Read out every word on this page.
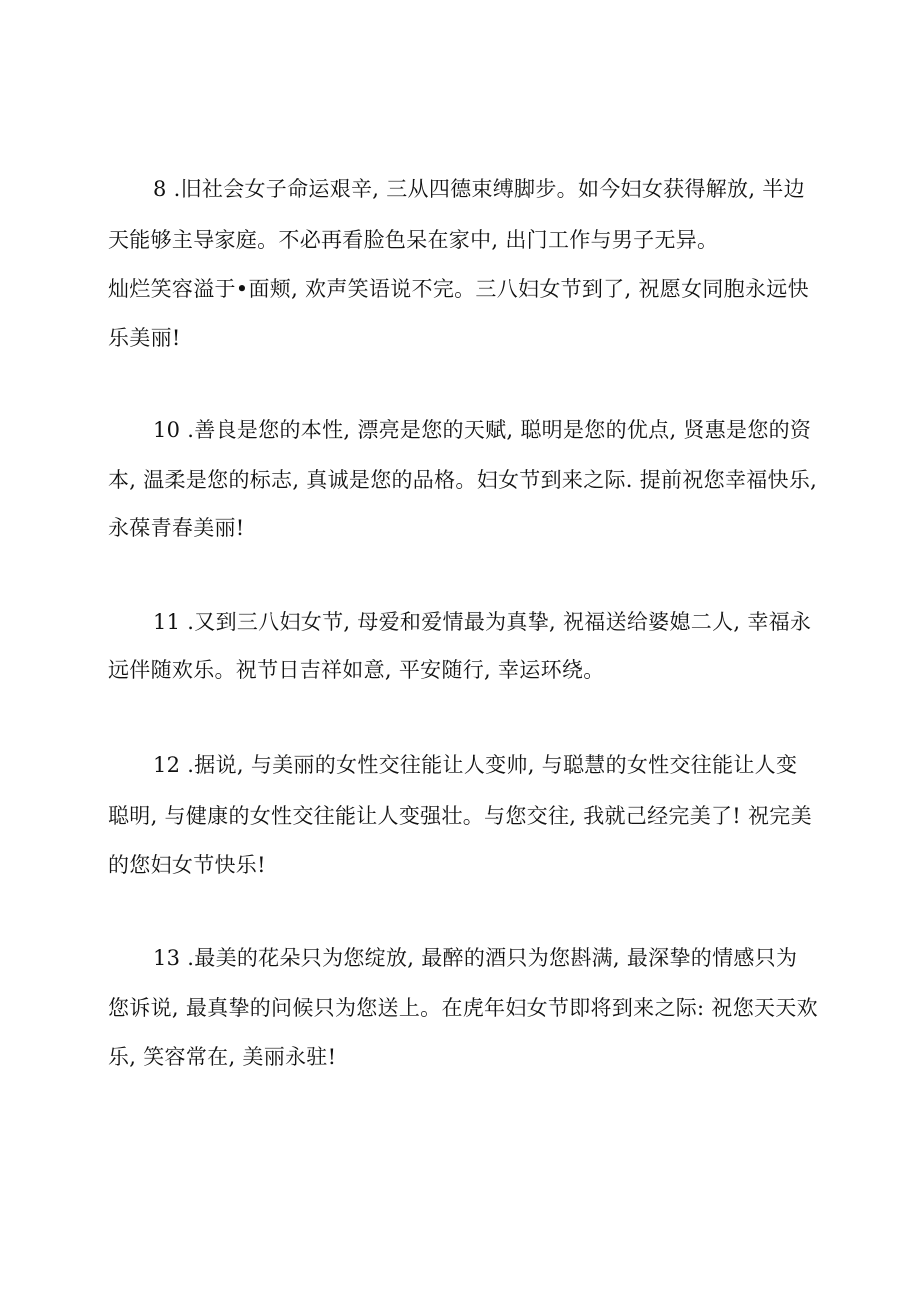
8 .旧社会女子命运艰辛, 三从四德束缚脚步。如今妇女获得解放, 半边
天能够主导家庭。不必再看脸色呆在家中, 出门工作与男子无异。
灿烂笑容溢于•面颊, 欢声笑语说不完。三八妇女节到了, 祝愿女同胞永远快
乐美丽!
10 .善良是您的本性, 漂亮是您的天赋, 聪明是您的优点, 贤惠是您的资
本, 温柔是您的标志, 真诚是您的品格。妇女节到来之际. 提前祝您幸福快乐,
永葆青春美丽!
11 .又到三八妇女节, 母爱和爱情最为真挚, 祝福送给婆媳二人, 幸福永
远伴随欢乐。祝节日吉祥如意, 平安随行, 幸运环绕。
12 .据说, 与美丽的女性交往能让人变帅, 与聪慧的女性交往能让人变
聪明, 与健康的女性交往能让人变强壮。与您交往, 我就己经完美了! 祝完美
的您妇女节快乐!
13 .最美的花朵只为您绽放, 最醉的酒只为您斟满, 最深挚的情感只为
您诉说, 最真挚的问候只为您送上。在虎年妇女节即将到来之际: 祝您天天欢
乐, 笑容常在, 美丽永驻!
